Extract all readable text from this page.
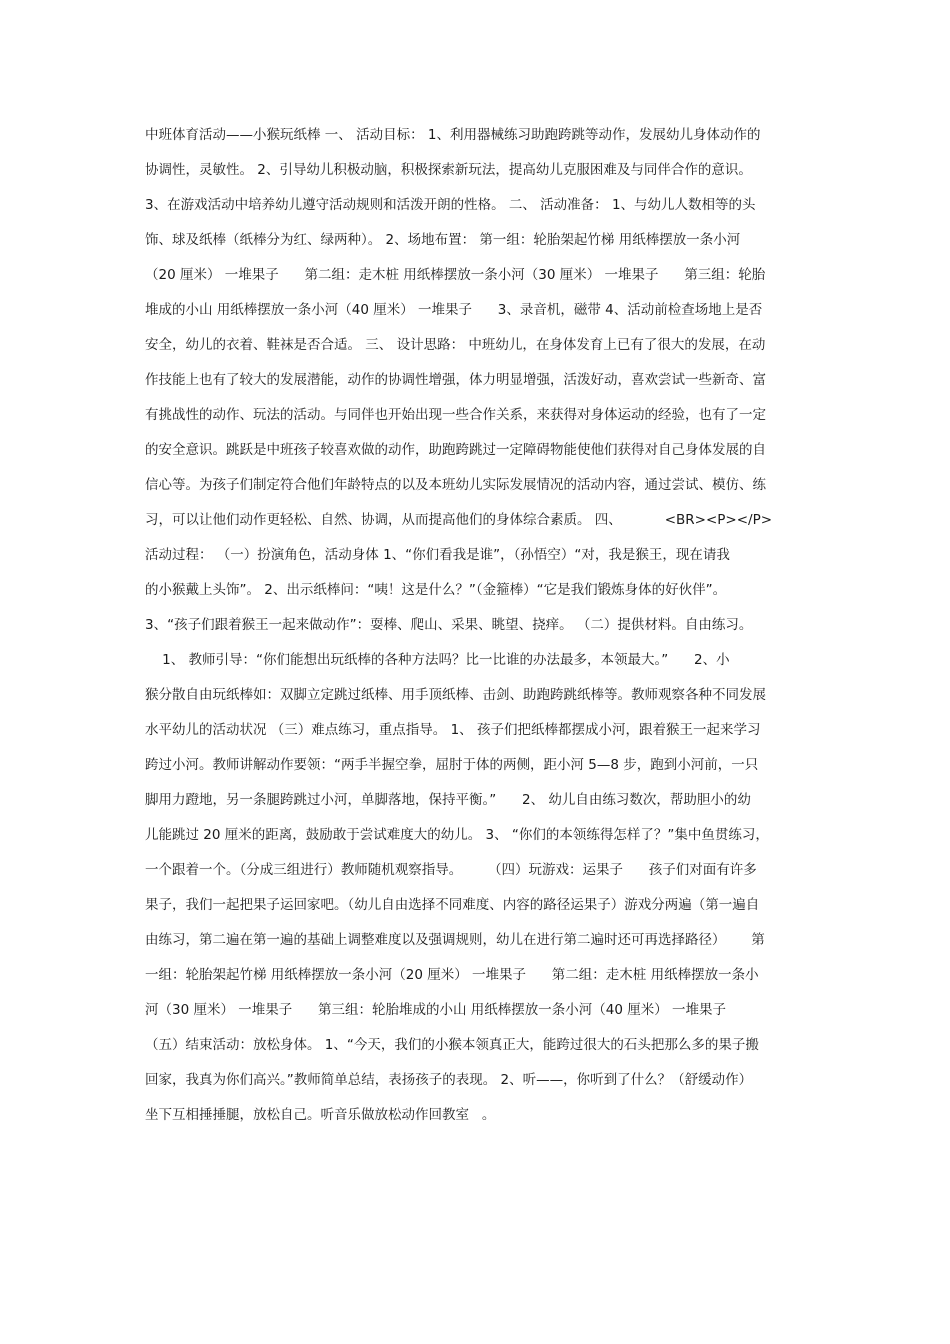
中班体育活动——小猴玩纸棒 一、 活动目标： 1、利用器械练习助跑跨跳等动作，发展幼儿身体动作的
协调性，灵敏性。 2、引导幼儿积极动脑，积极探索新玩法，提高幼儿克服困难及与同伴合作的意识。
3、在游戏活动中培养幼儿遵守活动规则和活泼开朗的性格。 二、 活动准备： 1、与幼儿人数相等的头
饰、球及纸棒（纸棒分为红、绿两种）。 2、场地布置： 第一组：轮胎架起竹梯 用纸棒摆放一条小河
（20 厘米） 一堆果子      第二组：走木桩 用纸棒摆放一条小河（30 厘米） 一堆果子      第三组：轮胎
堆成的小山 用纸棒摆放一条小河（40 厘米） 一堆果子      3、录音机，磁带 4、活动前检查场地上是否
安全，幼儿的衣着、鞋袜是否合适。 三、 设计思路： 中班幼儿，在身体发育上已有了很大的发展，在动
作技能上也有了较大的发展潜能，动作的协调性增强，体力明显增强，活泼好动，喜欢尝试一些新奇、富
有挑战性的动作、玩法的活动。与同伴也开始出现一些合作关系，来获得对身体运动的经验，也有了一定
的安全意识。跳跃是中班孩子较喜欢做的动作，助跑跨跳过一定障碍物能使他们获得对自己身体发展的自
信心等。为孩子们制定符合他们年龄特点的以及本班幼儿实际发展情况的活动内容，通过尝试、模仿、练
习，可以让他们动作更轻松、自然、协调，从而提高他们的身体综合素质。 四、          <BR><P></P>
活动过程： （一）扮演角色，活动身体 1、“你们看我是谁”，（孙悟空）“对，我是猴王，现在请我
的小猴戴上头饰”。 2、出示纸棒问：“咦！这是什么？”（金箍棒）“它是我们锻炼身体的好伙伴”。
3、“孩子们跟着猴王一起来做动作”：耍棒、爬山、采果、眺望、挠痒。 （二）提供材料。自由练习。
1、 教师引导：“你们能想出玩纸棒的各种方法吗？比一比谁的办法最多，本领最大。”      2、小
猴分散自由玩纸棒如：双脚立定跳过纸棒、用手顶纸棒、击剑、助跑跨跳纸棒等。教师观察各种不同发展
水平幼儿的活动状况 （三）难点练习，重点指导。 1、 孩子们把纸棒都摆成小河，跟着猴王一起来学习
跨过小河。教师讲解动作要领：“两手半握空拳，屈肘于体的两侧，距小河 5—8 步，跑到小河前，一只
脚用力蹬地，另一条腿跨跳过小河，单脚落地，保持平衡。”      2、 幼儿自由练习数次，帮助胆小的幼
儿能跳过 20 厘米的距离，鼓励敢于尝试难度大的幼儿。 3、 “你们的本领练得怎样了？”集中鱼贯练习，
一个跟着一个。（分成三组进行）教师随机观察指导。      （四）玩游戏：运果子      孩子们对面有许多
果子，我们一起把果子运回家吧。（幼儿自由选择不同难度、内容的路径运果子）游戏分两遍（第一遍自
由练习，第二遍在第一遍的基础上调整难度以及强调规则，幼儿在进行第二遍时还可再选择路径）      第
一组：轮胎架起竹梯 用纸棒摆放一条小河（20 厘米） 一堆果子      第二组：走木桩 用纸棒摆放一条小
河（30 厘米） 一堆果子      第三组：轮胎堆成的小山 用纸棒摆放一条小河（40 厘米） 一堆果子
（五）结束活动：放松身体。 1、“今天，我们的小猴本领真正大，能跨过很大的石头把那么多的果子搬
回家，我真为你们高兴。”教师简单总结，表扬孩子的表现。 2、听——，你听到了什么？（舒缓动作）
坐下互相捶捶腿，放松自己。听音乐做放松动作回教室   。
